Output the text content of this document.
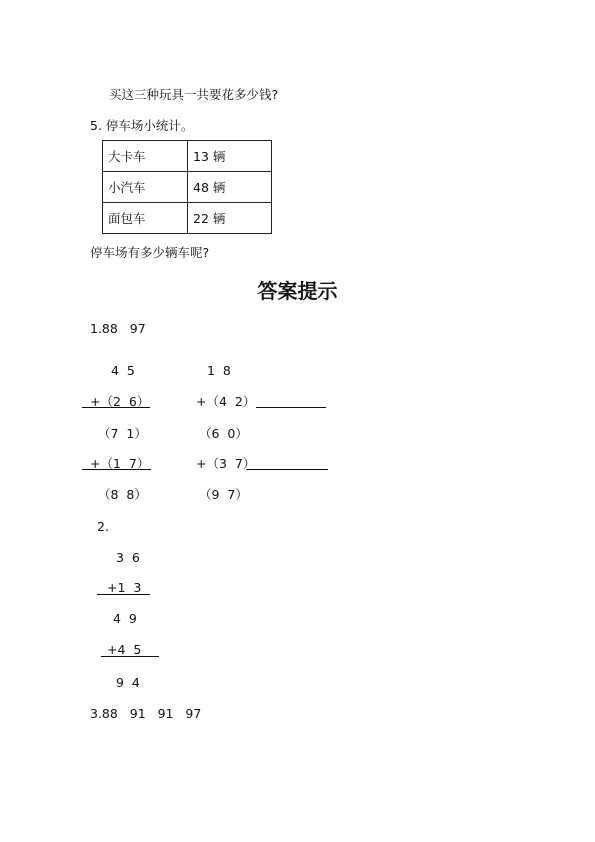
买这三种玩具一共要花多少钱?
5. 停车场小统计。
大卡车	13 辆
小汽车	48 辆
面包车	22 辆
停车场有多少辆车呢?
答案提示
1.88   97
4  5
+（2  6）
（7  1）
+（1  7）
（8  8）
1  8
+（4  2）
（6  0）
+（3  7）
（9  7）
2.
3  6
+1  3
4  9
+4  5
9  4
3.88   91   91   97
